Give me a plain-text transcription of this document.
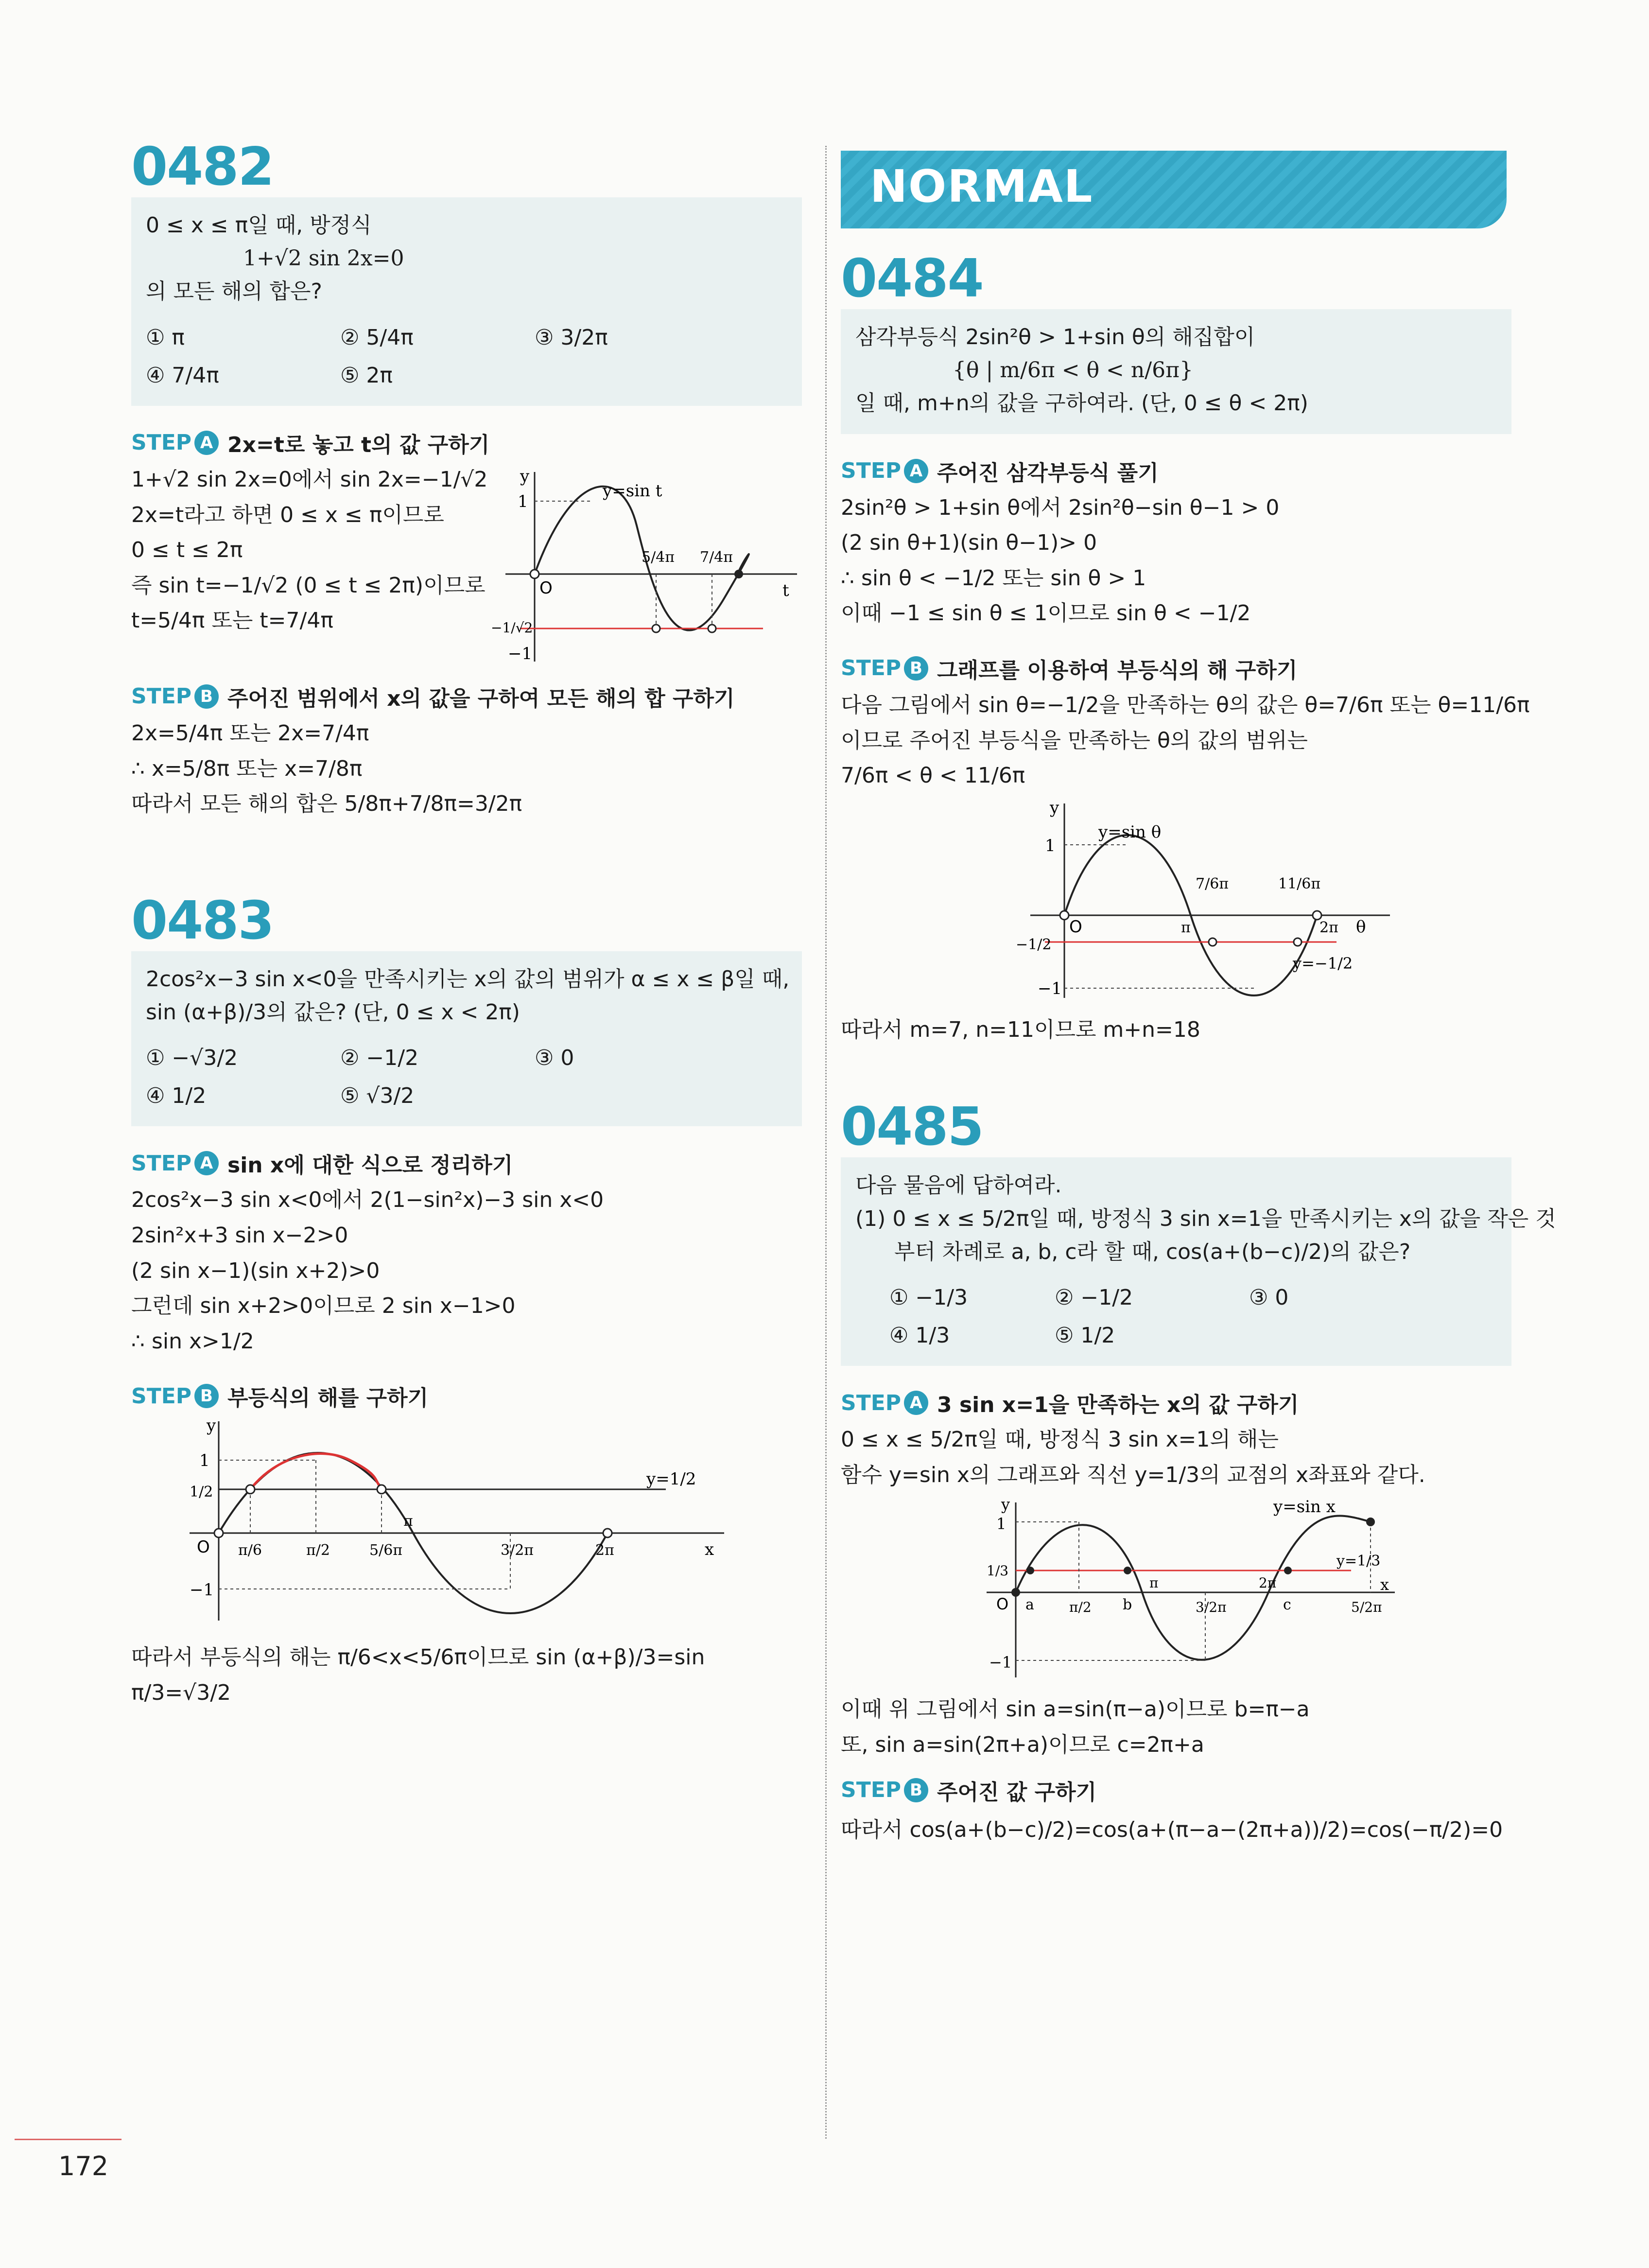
0482
0 ≤ x ≤ π일 때, 방정식
1+√2 sin 2x=0
의 모든 해의 합은?
① π	② 5/4π	③ 3/2π
④ 7/4π	⑤ 2π
STEP A 2x=t로 놓고 t의 값 구하기
1+√2 sin 2x=0에서 sin 2x=−1/√2
2x=t라고 하면 0 ≤ x ≤ π이므로
0 ≤ t ≤ 2π
즉 sin t=−1/√2 (0 ≤ t ≤ 2π)이므로
t=5/4π 또는 t=7/4π
y
1
y=sin t
O	t
−1/√2
−1
5/4π 7/4π
STEP B 주어진 범위에서 x의 값을 구하여 모든 해의 합 구하기
2x=5/4π 또는 2x=7/4π
∴ x=5/8π 또는 x=7/8π
따라서 모든 해의 합은 5/8π+7/8π=3/2π
0483
2cos²x−3 sin x<0을 만족시키는 x의 값의 범위가 α ≤ x ≤ β일 때,
sin (α+β)/3의 값은? (단, 0 ≤ x < 2π)
① −√3/2	② −1/2	③ 0
④ 1/2	⑤ √3/2
STEP A sin x에 대한 식으로 정리하기
2cos²x−3 sin x<0에서 2(1−sin²x)−3 sin x<0
2sin²x+3 sin x−2>0
(2 sin x−1)(sin x+2)>0
그런데 sin x+2>0이므로 2 sin x−1>0
∴ sin x>1/2
STEP B 부등식의 해를 구하기
y
1
1/2
−1
O
y=1/2
π/6	π/2	5/6π
π
3/2π	2π	x
따라서 부등식의 해는 π/6<x<5/6π이므로 sin (α+β)/3=sin π/3=√3/2
NORMAL
0484
삼각부등식 2sin²θ > 1+sin θ의 해집합이
{θ | m/6π < θ < n/6π}
일 때, m+n의 값을 구하여라. (단, 0 ≤ θ < 2π)
STEP A 주어진 삼각부등식 풀기
2sin²θ > 1+sin θ에서 2sin²θ−sin θ−1 > 0
(2 sin θ+1)(sin θ−1)> 0
∴ sin θ < −1/2 또는 sin θ > 1
이때 −1 ≤ sin θ ≤ 1이므로 sin θ < −1/2
STEP B 그래프를 이용하여 부등식의 해 구하기
다음 그림에서 sin θ=−1/2을 만족하는 θ의 값은 θ=7/6π 또는 θ=11/6π
이므로 주어진 부등식을 만족하는 θ의 값의 범위는
7/6π < θ < 11/6π
y
y=sin θ
1
O
−1/2
−1
π
7/6π	11/6π
2π θ
y=−1/2
따라서 m=7, n=11이므로 m+n=18
0485
다음 물음에 답하여라.
(1) 0 ≤ x ≤ 5/2π일 때, 방정식 3 sin x=1을 만족시키는 x의 값을 작은 것
부터 차례로 a, b, c라 할 때, cos(a+(b−c)/2)의 값은?
① −1/3	② −1/2	③ 0
④ 1/3	⑤ 1/2
STEP A 3 sin x=1을 만족하는 x의 값 구하기
0 ≤ x ≤ 5/2π일 때, 방정식 3 sin x=1의 해는
함수 y=sin x의 그래프와 직선 y=1/3의 교점의 x좌표와 같다.
y
1
1/3
−1
O
y=sin x
a	π/2 b
π
3/2π
2π
c	5/2π
x
y=1/3
이때 위 그림에서 sin a=sin(π−a)이므로 b=π−a
또, sin a=sin(2π+a)이므로 c=2π+a
STEP B 주어진 값 구하기
따라서 cos(a+(b−c)/2)=cos(a+(π−a−(2π+a))/2)=cos(−π/2)=0
172
